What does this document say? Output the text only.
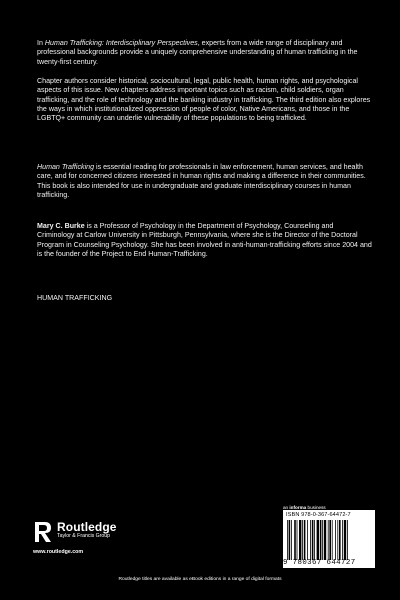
In Human Trafficking: Interdisciplinary Perspectives, experts from a wide range of disciplinary and professional backgrounds provide a uniquely comprehensive understanding of human trafficking in the twenty-first century.

Chapter authors consider historical, sociocultural, legal, public health, human rights, and psychological aspects of this issue. New chapters address important topics such as racism, child soldiers, organ trafficking, and the role of technology and the banking industry in trafficking. The third edition also explores the ways in which institutionalized oppression of people of color, Native Americans, and those in the LGBTQ+ community can underlie vulnerability of these populations to being trafficked.

Human Trafficking is essential reading for professionals in law enforcement, human services, and health care, and for concerned citizens interested in human rights and making a difference in their communities. This book is also intended for use in undergraduate and graduate interdisciplinary courses in human trafficking.

Mary C. Burke is a Professor of Psychology in the Department of Psychology, Counseling and Criminology at Carlow University in Pittsburgh, Pennsylvania, where she is the Director of the Doctoral Program in Counseling Psychology. She has been involved in anti-human-trafficking efforts since 2004 and is the founder of the Project to End Human-Trafficking.

HUMAN TRAFFICKING

an informa business
ISBN 978-0-367-64472-7
9 780367 644727
Routledge
Taylor & Francis Group
www.routledge.com
Routledge titles are available as eBook editions in a range of digital formats
